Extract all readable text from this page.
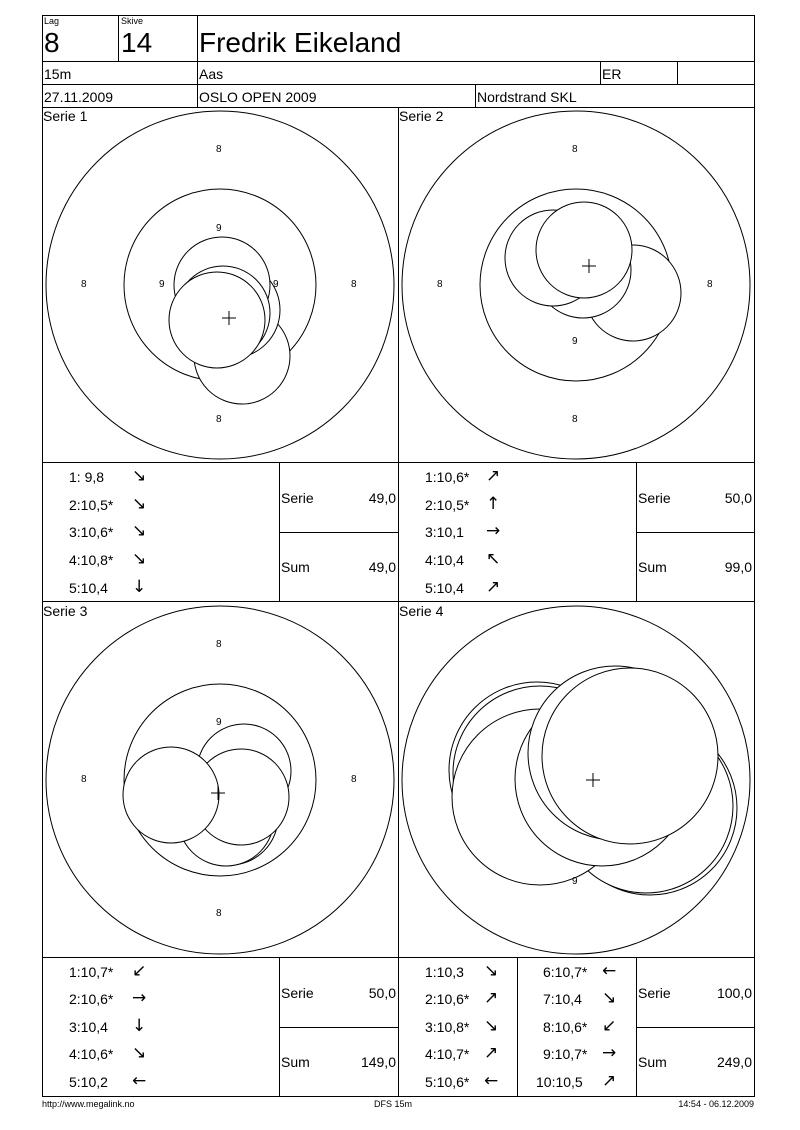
Lag
8
Skive
14 Fredrik Eikeland
15m	Aas	ER
27.11.2009	OSLO OPEN 2009	Nordstrand SKL
Serie 1	Serie 2
Serie 3	Serie 4
8
8
8	8
9
9	9
8
8
8	8
9
8
8
8	8
9
9
1: 9,8 ↘
2:10,5* ↘
3:10,6* ↘
4:10,8* ↘
5:10,4 ↓
Serie	49,0
Sum	49,0
1:10,6* ↗
2:10,5* ↑
3:10,1 →
4:10,4 ↖
5:10,4 ↗
Serie	50,0
Sum	99,0
1:10,7* ↙
2:10,6* →
3:10,4 ↓
4:10,6* ↘
5:10,2 ←
Serie	50,0
Sum	149,0
1:10,3 ↘
2:10,6* ↗
3:10,8* ↘
4:10,7* ↗
5:10,6* ←
6:10,7* ←
7:10,4 ↘
8:10,6* ↙
9:10,7* →
10:10,5 ↗
Serie	100,0
Sum	249,0
http://www.megalink.no	DFS 15m	14:54 - 06.12.2009
